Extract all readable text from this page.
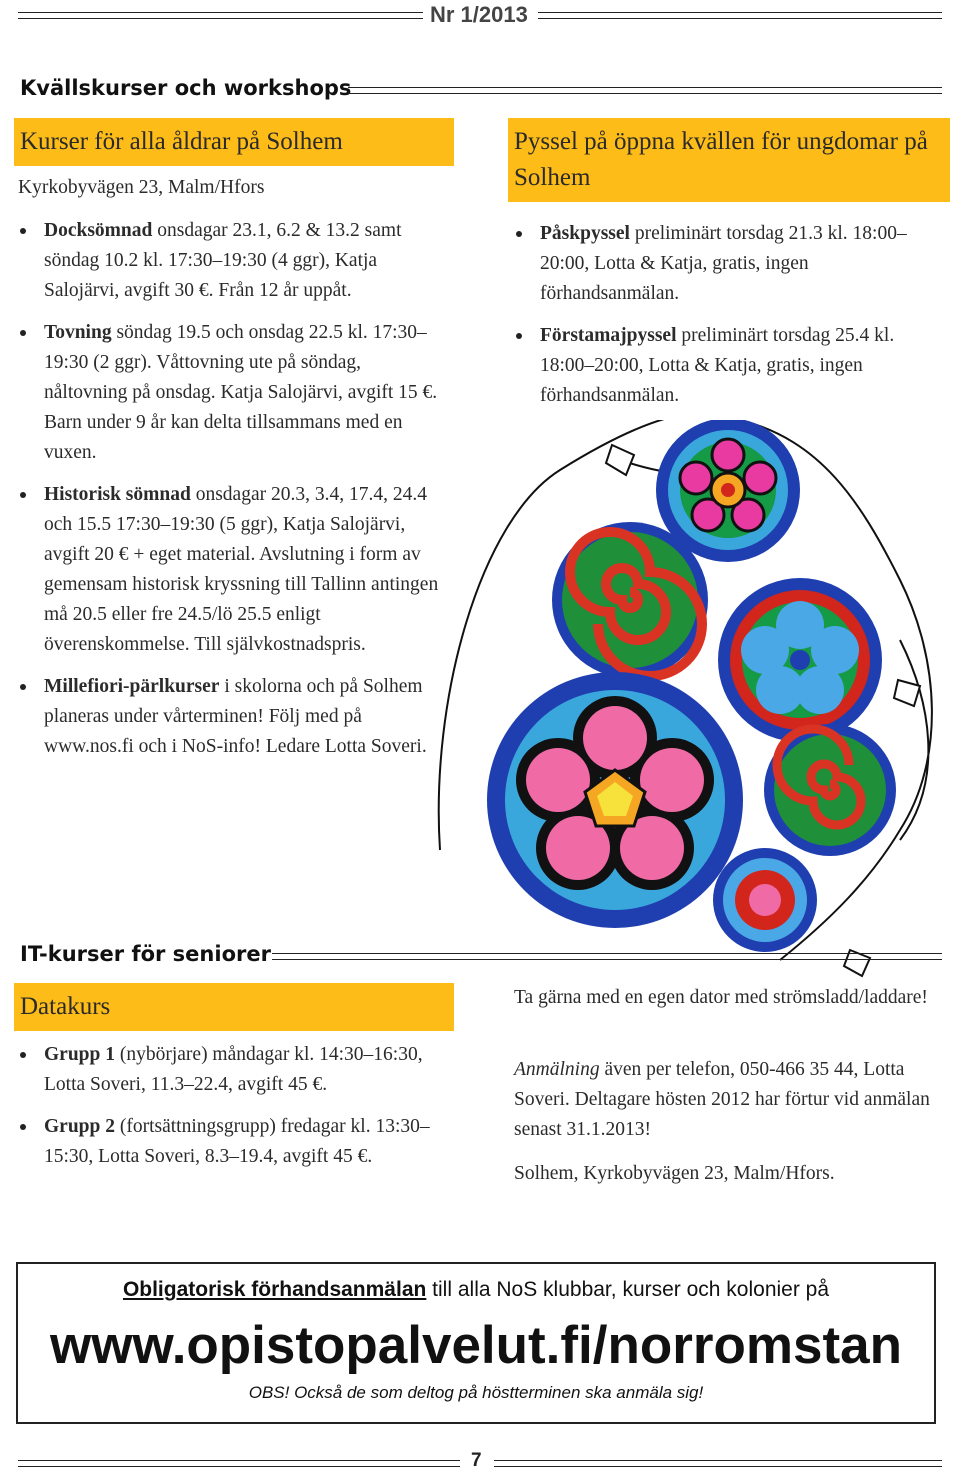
Nr 1/2013
Kvällskurser och workshops
Kurser för alla åldrar på Solhem
Kyrkobyvägen 23, Malm/Hfors
Docksömnad onsdagar 23.1, 6.2 & 13.2 samt söndag 10.2 kl. 17:30–19:30 (4 ggr), Katja Salojärvi, avgift 30 €. Från 12 år uppåt.
Tovning söndag 19.5 och onsdag 22.5 kl. 17:30–19:30 (2 ggr). Våttovning ute på söndag, nåltovning på onsdag. Katja Salojärvi, avgift 15 €. Barn under 9 år kan delta tillsammans med en vuxen.
Historisk sömnad onsdagar 20.3, 3.4, 17.4, 24.4 och 15.5 17:30–19:30 (5 ggr), Katja Salojärvi, avgift 20 € + eget material. Avslutning i form av gemensam historisk kryssning till Tallinn antingen må 20.5 eller fre 24.5/lö 25.5 enligt överenskommelse. Till självkostnadspris.
Millefiori-pärlkurser i skolorna och på Solhem planeras under vårterminen! Följ med på www.nos.fi och i NoS-info! Ledare Lotta Soveri.
Pyssel på öppna kvällen för ungdomar på Solhem
Påskpyssel preliminärt torsdag 21.3 kl. 18:00–20:00, Lotta & Katja, gratis, ingen förhandsanmälan.
Förstamajpyssel preliminärt torsdag 25.4 kl. 18:00–20:00, Lotta & Katja, gratis, ingen förhandsanmälan.
IT-kurser för seniorer
Datakurs
Grupp 1 (nybörjare) måndagar kl. 14:30–16:30, Lotta Soveri, 11.3–22.4, avgift 45 €.
Grupp 2 (fortsättningsgrupp) fredagar kl. 13:30–15:30, Lotta Soveri, 8.3–19.4, avgift 45 €.
Ta gärna med en egen dator med strömsladd/laddare!
Anmälning även per telefon, 050-466 35 44, Lotta Soveri. Deltagare hösten 2012 har förtur vid anmälan senast 31.1.2013!
Solhem, Kyrkobyvägen 23, Malm/Hfors.
Obligatorisk förhandsanmälan till alla NoS klubbar, kurser och kolonier på
www.opistopalvelut.fi/norromstan
OBS! Också de som deltog på höstterminen ska anmäla sig!
7
